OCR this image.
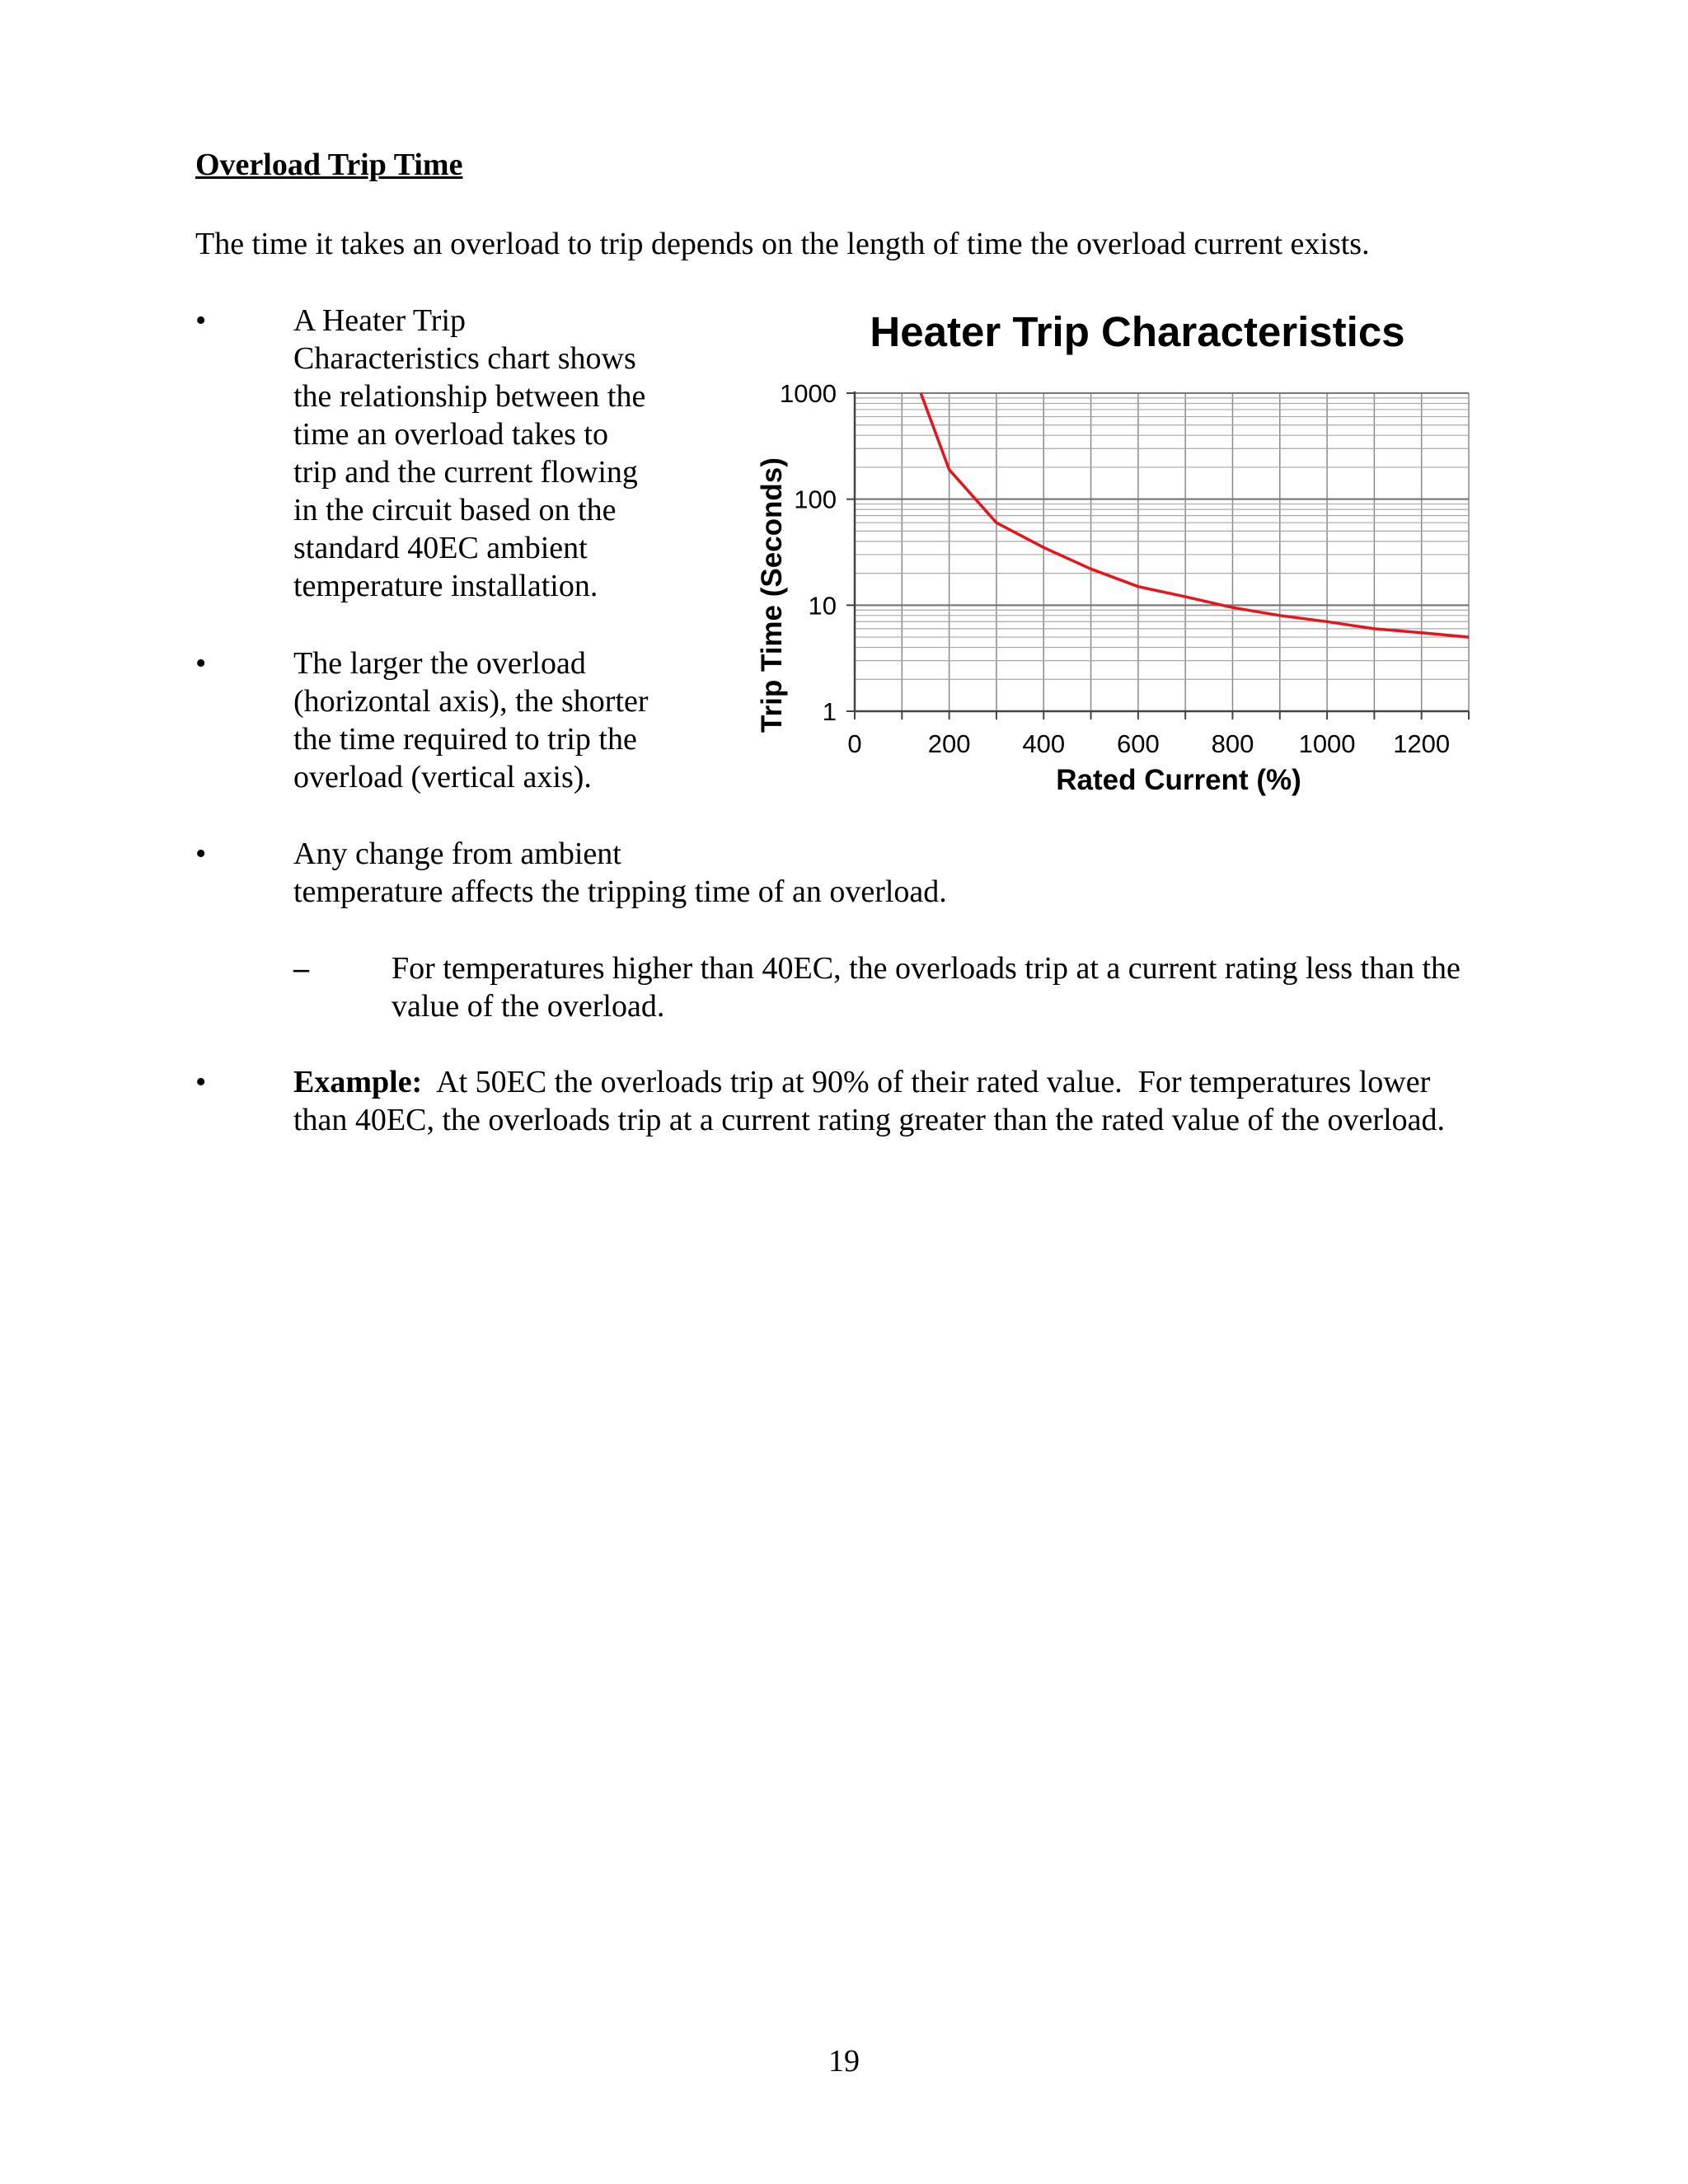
Overload Trip Time
The time it takes an overload to trip depends on the length of time the overload current exists.
•	A Heater Trip
Characteristics chart shows
the relationship between the
time an overload takes to
trip and the current flowing
in the circuit based on the
standard 40EC ambient
temperature installation.
•	The larger the overload
(horizontal axis), the shorter
the time required to trip the
overload (vertical axis).
•	Any change from ambient
temperature affects the tripping time of an overload.
–	For temperatures higher than 40EC, the overloads trip at a current rating less than the
value of the overload.
•	Example:  At 50EC the overloads trip at 90% of their rated value.  For temperatures lower
than 40EC, the overloads trip at a current rating greater than the rated value of the overload.
Heater Trip Characteristics
0	200 400 600 800 1000 1200
1
10
100
1000
Rated Current (%)
Trip Time (Seconds)
19
